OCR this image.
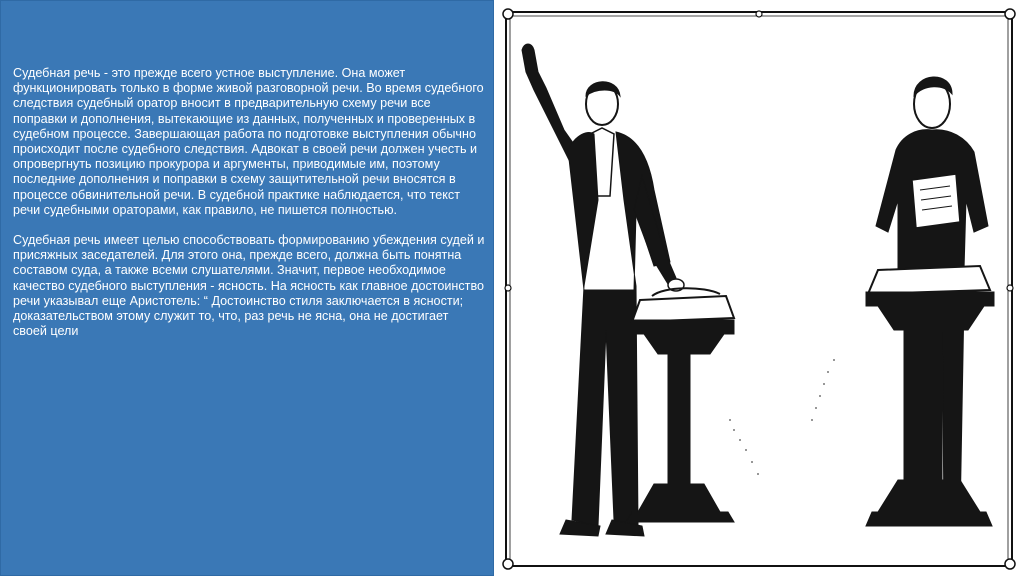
Судебная речь - это прежде всего устное выступление. Она может функционировать только в форме живой разговорной речи. Во время судебного следствия судебный оратор вносит в предварительную схему речи все поправки и дополнения, вытекающие из данных, полученных и проверенных в судебном процессе. Завершающая работа по подготовке выступления обычно происходит после судебного следствия. Адвокат в своей речи должен учесть и опровергнуть позицию прокурора и аргументы, приводимые им, поэтому последние дополнения и поправки в схему защитительной речи вносятся в процессе обвинительной речи. В судебной практике наблюдается, что текст речи судебными ораторами, как правило, не пишется полностью.

Судебная речь имеет целью способствовать формированию убеждения судей и присяжных заседателей. Для этого она, прежде всего, должна быть понятна составом суда, а также всеми слушателями. Значит, первое необходимое качество судебного выступления - ясность. На ясность как главное достоинство речи указывал еще Аристотель: “ Достоинство стиля заключается в ясности; доказательством этому служит то, что, раз речь не ясна, она не достигает своей цели
